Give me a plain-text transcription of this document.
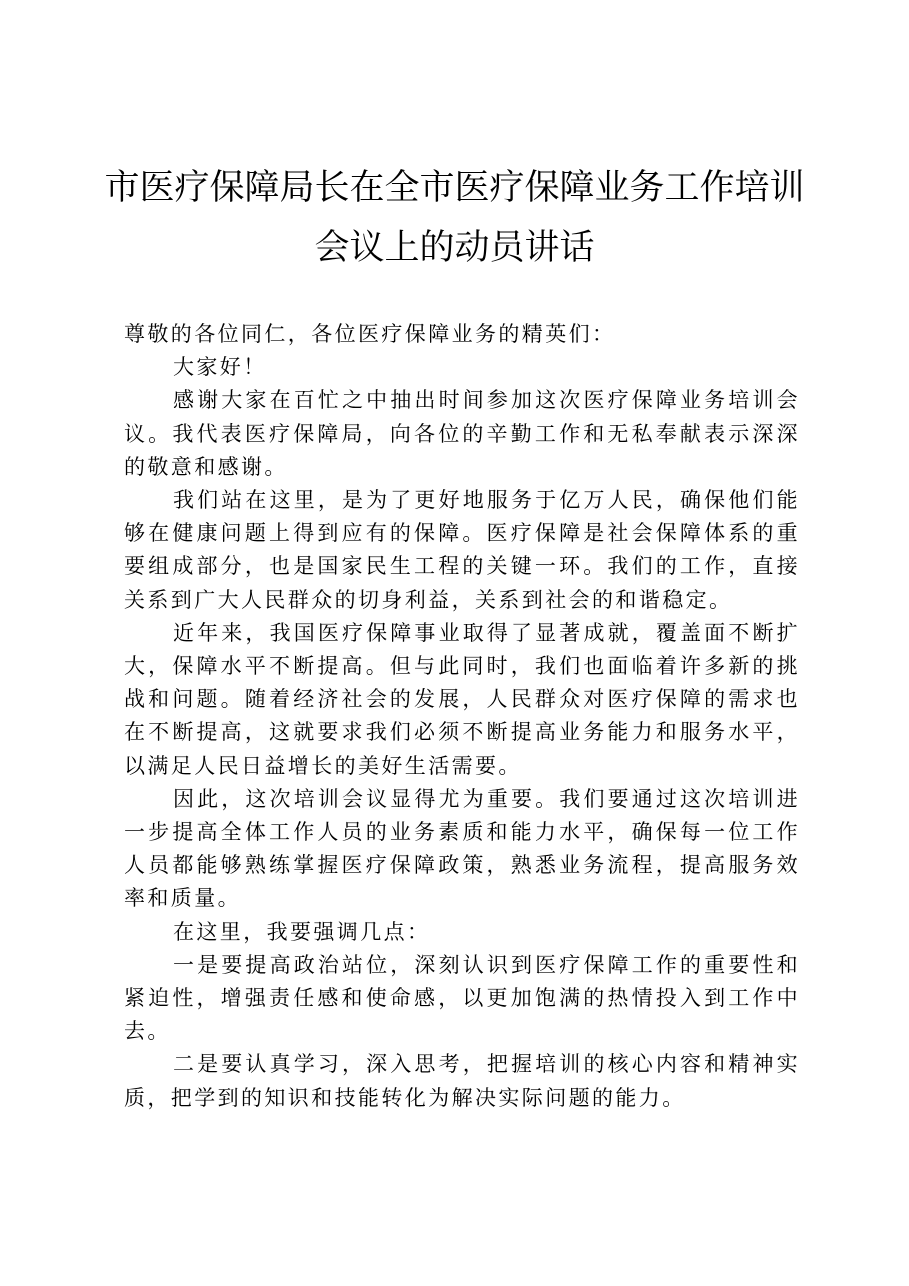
市医疗保障局长在全市医疗保障业务工作培训
会议上的动员讲话

尊敬的各位同仁，各位医疗保障业务的精英们：

大家好！

感谢大家在百忙之中抽出时间参加这次医疗保障业务培训会议。我代表医疗保障局，向各位的辛勤工作和无私奉献表示深深的敬意和感谢。

我们站在这里，是为了更好地服务于亿万人民，确保他们能够在健康问题上得到应有的保障。医疗保障是社会保障体系的重要组成部分，也是国家民生工程的关键一环。我们的工作，直接关系到广大人民群众的切身利益，关系到社会的和谐稳定。

近年来，我国医疗保障事业取得了显著成就，覆盖面不断扩大，保障水平不断提高。但与此同时，我们也面临着许多新的挑战和问题。随着经济社会的发展，人民群众对医疗保障的需求也在不断提高，这就要求我们必须不断提高业务能力和服务水平，以满足人民日益增长的美好生活需要。

因此，这次培训会议显得尤为重要。我们要通过这次培训进一步提高全体工作人员的业务素质和能力水平，确保每一位工作人员都能够熟练掌握医疗保障政策，熟悉业务流程，提高服务效率和质量。

在这里，我要强调几点：

一是要提高政治站位，深刻认识到医疗保障工作的重要性和紧迫性，增强责任感和使命感，以更加饱满的热情投入到工作中去。

二是要认真学习，深入思考，把握培训的核心内容和精神实质，把学到的知识和技能转化为解决实际问题的能力。
